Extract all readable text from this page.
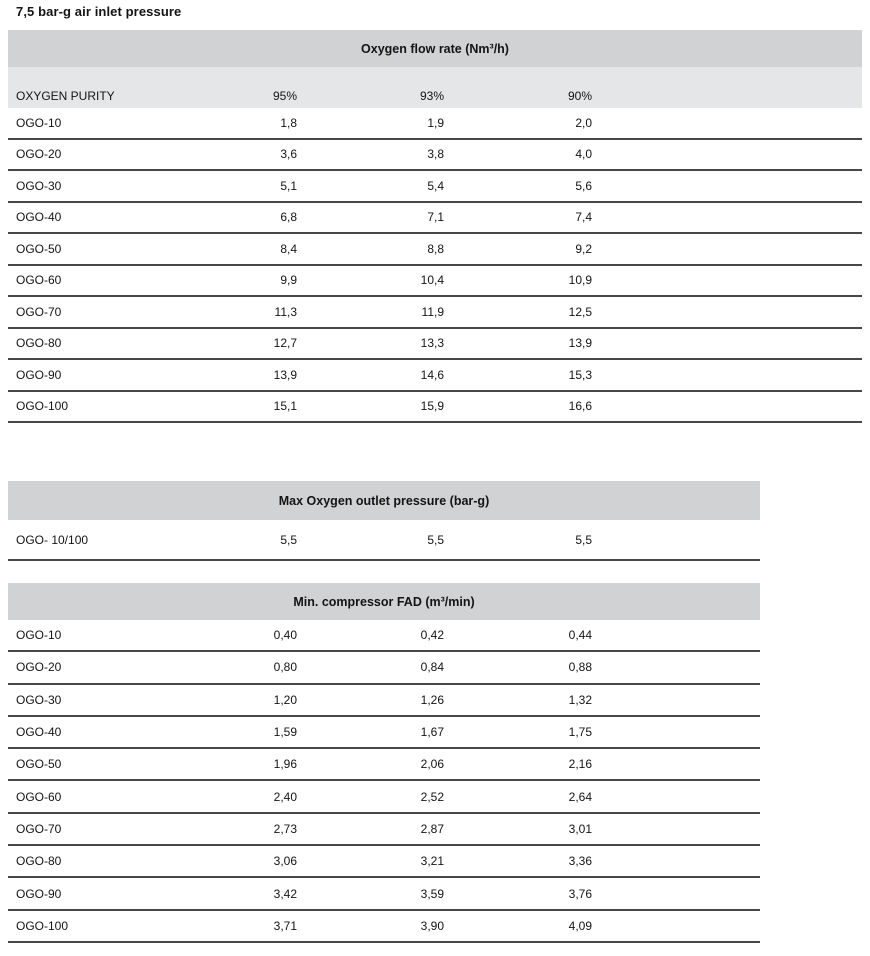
7,5 bar-g air inlet pressure
Oxygen flow rate (Nm³/h)
OXYGEN PURITY	95%	93%	90%
OGO-10	1,8	1,9	2,0
OGO-20	3,6	3,8	4,0
OGO-30	5,1	5,4	5,6
OGO-40	6,8	7,1	7,4
OGO-50	8,4	8,8	9,2
OGO-60	9,9	10,4	10,9
OGO-70	11,3	11,9	12,5
OGO-80	12,7	13,3	13,9
OGO-90	13,9	14,6	15,3
OGO-100	15,1	15,9	16,6
Max Oxygen outlet pressure (bar-g)
OGO- 10/100	5,5	5,5	5,5
Min. compressor FAD (m³/min)
OGO-10	0,40	0,42	0,44
OGO-20	0,80	0,84	0,88
OGO-30	1,20	1,26	1,32
OGO-40	1,59	1,67	1,75
OGO-50	1,96	2,06	2,16
OGO-60	2,40	2,52	2,64
OGO-70	2,73	2,87	3,01
OGO-80	3,06	3,21	3,36
OGO-90	3,42	3,59	3,76
OGO-100	3,71	3,90	4,09
